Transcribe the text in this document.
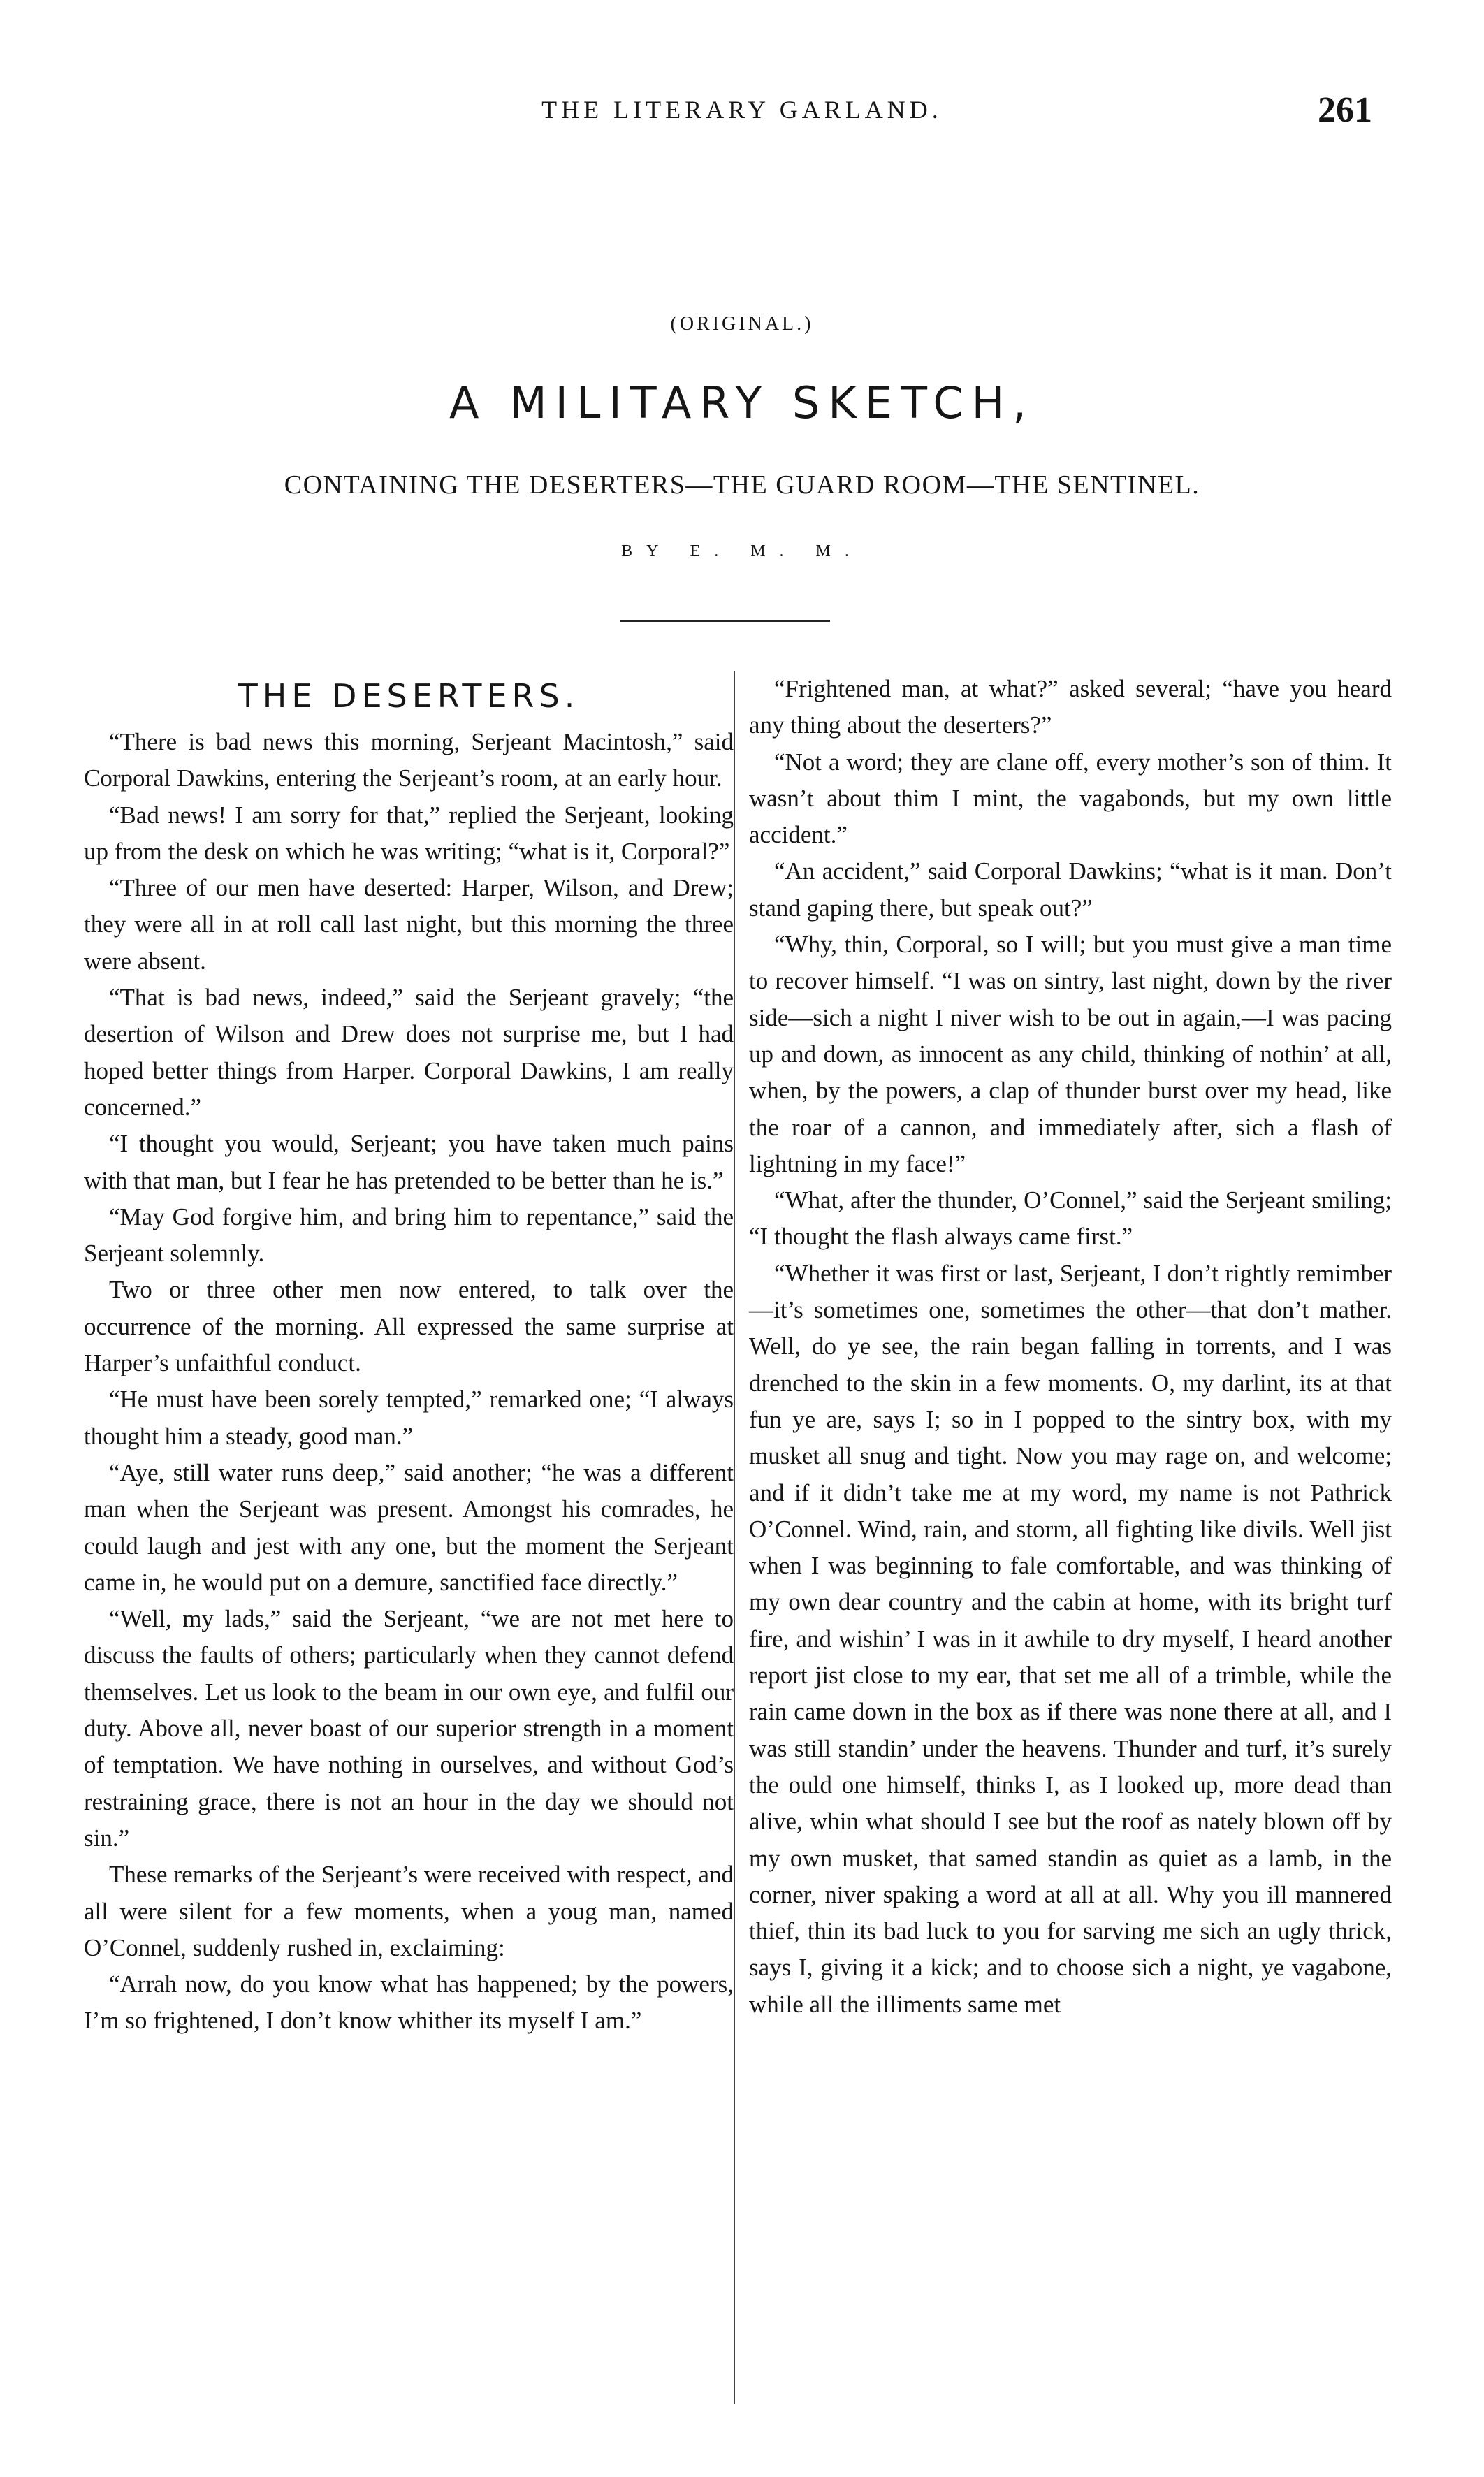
THE LITERARY GARLAND.	261
(ORIGINAL.)
A MILITARY SKETCH,
CONTAINING THE DESERTERS—THE GUARD ROOM—THE SENTINEL.
BY E. M. M.
THE DESERTERS.

“There is bad news this morning, Serjeant Macintosh,” said Corporal Dawkins, entering the Serjeant’s room, at an early hour.

“Bad news! I am sorry for that,” replied the Serjeant, looking up from the desk on which he was writing; “what is it, Corporal?”

“Three of our men have deserted: Harper, Wilson, and Drew; they were all in at roll call last night, but this morning the three were absent.

“That is bad news, indeed,” said the Serjeant gravely; “the desertion of Wilson and Drew does not surprise me, but I had hoped better things from Harper. Corporal Dawkins, I am really concerned.”

“I thought you would, Serjeant; you have taken much pains with that man, but I fear he has pretended to be better than he is.”

“May God forgive him, and bring him to repentance,” said the Serjeant solemnly.

Two or three other men now entered, to talk over the occurrence of the morning. All expressed the same surprise at Harper’s unfaithful conduct.

“He must have been sorely tempted,” remarked one; “I always thought him a steady, good man.”

“Aye, still water runs deep,” said another; “he was a different man when the Serjeant was present. Amongst his comrades, he could laugh and jest with any one, but the moment the Serjeant came in, he would put on a demure, sanctified face directly.”

“Well, my lads,” said the Serjeant, “we are not met here to discuss the faults of others; particularly when they cannot defend themselves. Let us look to the beam in our own eye, and fulfil our duty. Above all, never boast of our superior strength in a moment of temptation. We have nothing in ourselves, and without God’s restraining grace, there is not an hour in the day we should not sin.”

These remarks of the Serjeant’s were received with respect, and all were silent for a few moments, when a youg man, named O’Connel, suddenly rushed in, exclaiming:

“Arrah now, do you know what has happened; by the powers, I’m so frightened, I don’t know whither its myself I am.”

“Frightened man, at what?” asked several; “have you heard any thing about the deserters?”

“Not a word; they are clane off, every mother’s son of thim. It wasn’t about thim I mint, the vagabonds, but my own little accident.”

“An accident,” said Corporal Dawkins; “what is it man. Don’t stand gaping there, but speak out?”

“Why, thin, Corporal, so I will; but you must give a man time to recover himself. “I was on sintry, last night, down by the river side—sich a night I niver wish to be out in again,—I was pacing up and down, as innocent as any child, thinking of nothin’ at all, when, by the powers, a clap of thunder burst over my head, like the roar of a cannon, and immediately after, sich a flash of lightning in my face!”

“What, after the thunder, O’Connel,” said the Serjeant smiling; “I thought the flash always came first.”

“Whether it was first or last, Serjeant, I don’t rightly remimber—it’s sometimes one, sometimes the other—that don’t mather. Well, do ye see, the rain began falling in torrents, and I was drenched to the skin in a few moments. O, my darlint, its at that fun ye are, says I; so in I popped to the sintry box, with my musket all snug and tight. Now you may rage on, and welcome; and if it didn’t take me at my word, my name is not Pathrick O’Connel. Wind, rain, and storm, all fighting like divils. Well jist when I was beginning to fale comfortable, and was thinking of my own dear country and the cabin at home, with its bright turf fire, and wishin’ I was in it awhile to dry myself, I heard another report jist close to my ear, that set me all of a trimble, while the rain came down in the box as if there was none there at all, and I was still standin’ under the heavens. Thunder and turf, it’s surely the ould one himself, thinks I, as I looked up, more dead than alive, whin what should I see but the roof as nately blown off by my own musket, that samed standin as quiet as a lamb, in the corner, niver spaking a word at all at all. Why you ill mannered thief, thin its bad luck to you for sarving me sich an ugly thrick, says I, giving it a kick; and to choose sich a night, ye vagabone, while all the illiments same met
